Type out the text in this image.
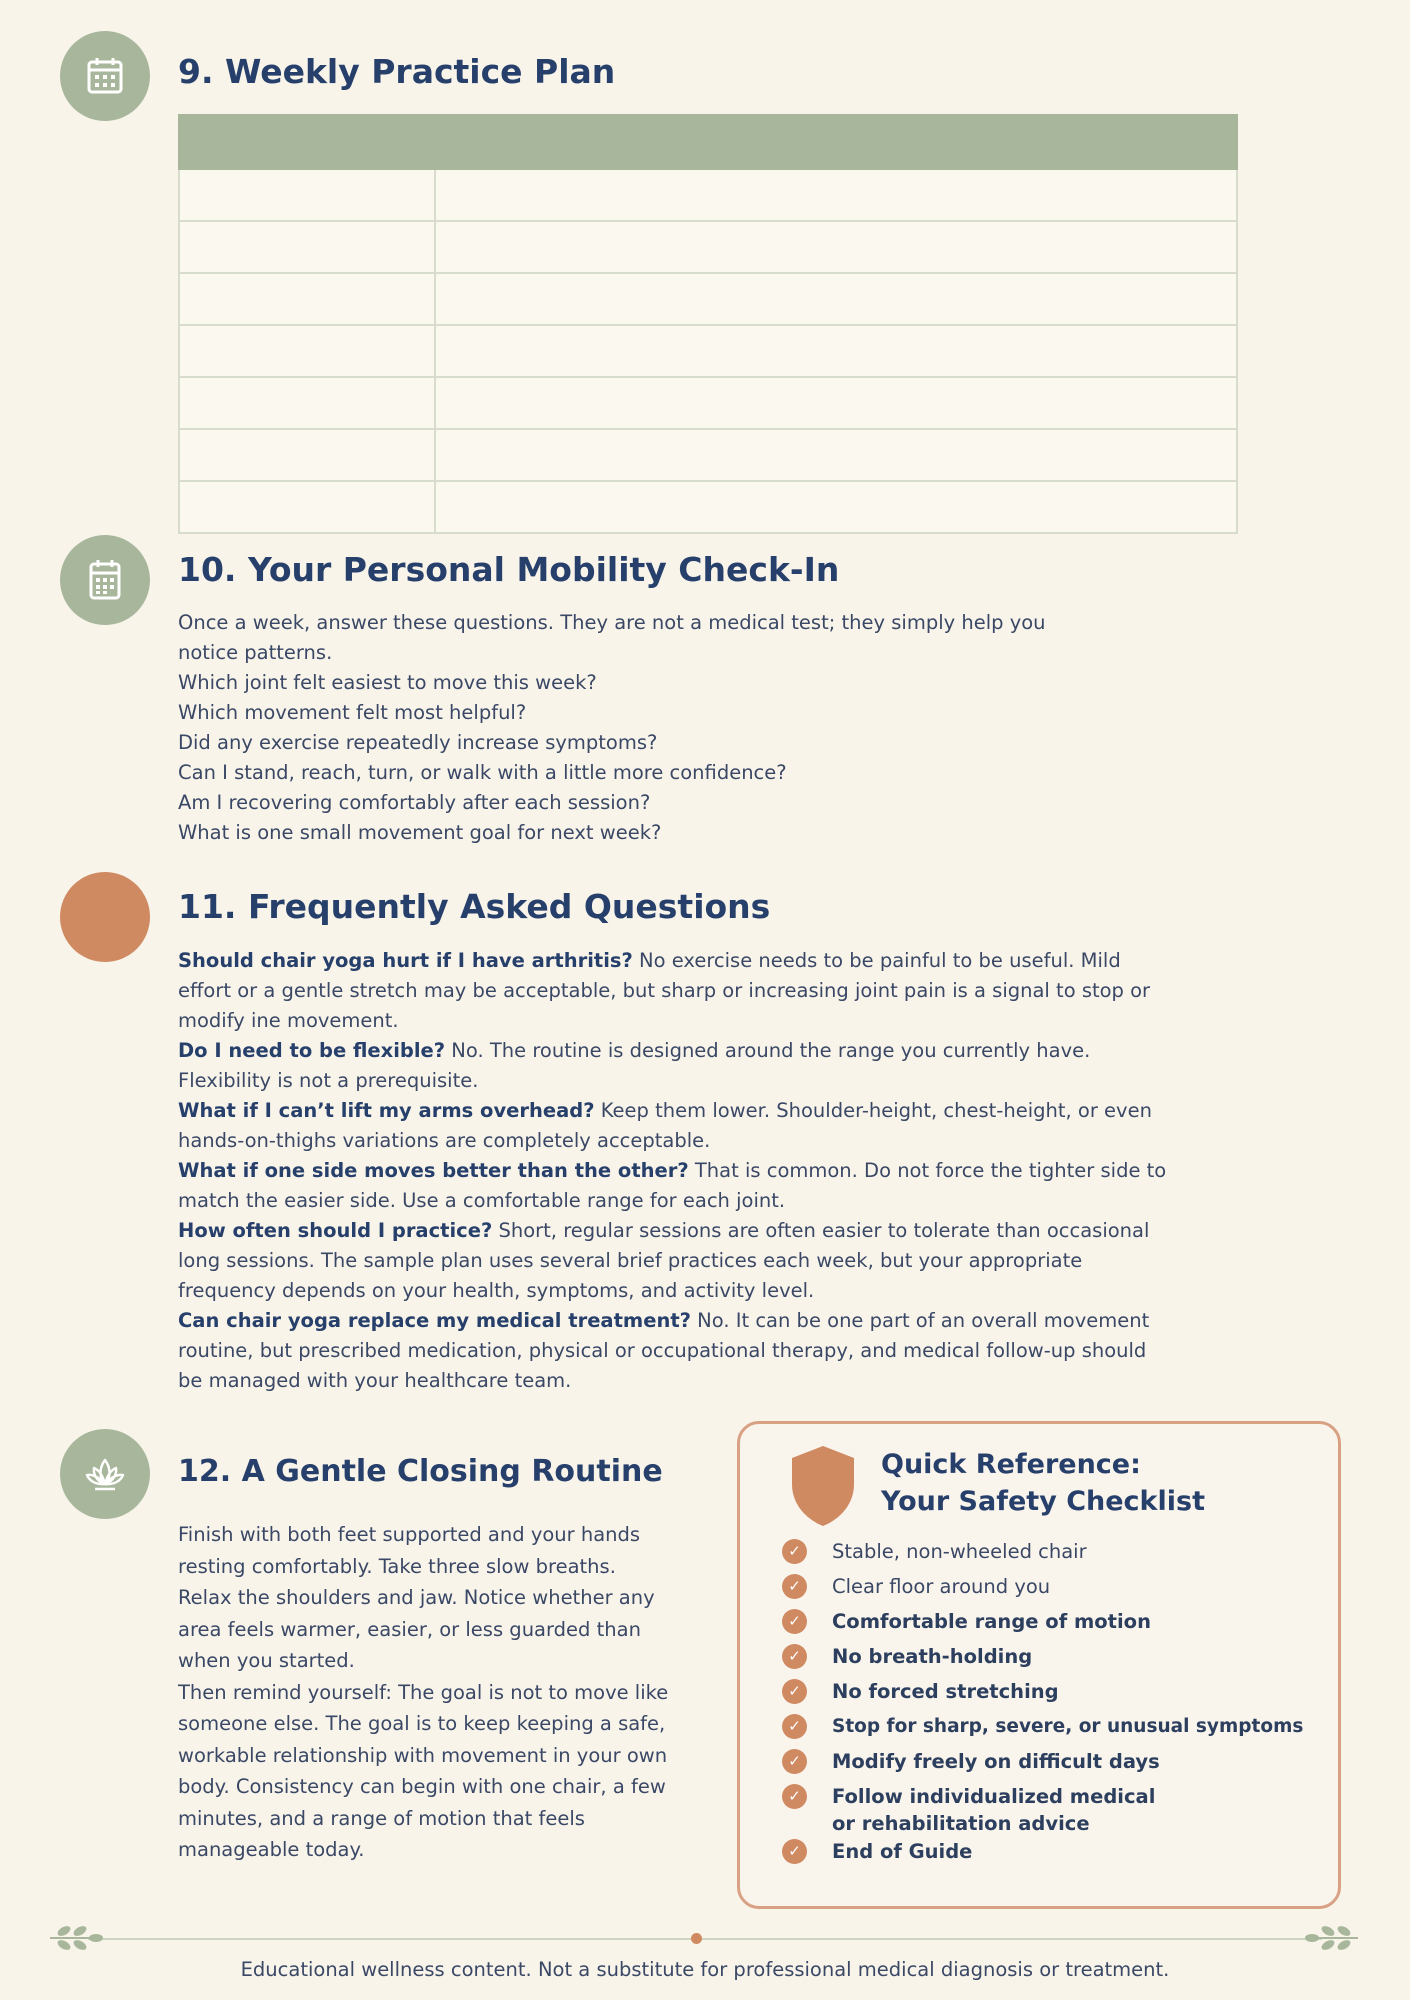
9. Weekly Practice Plan

10. Your Personal Mobility Check-In

Once a week, answer these questions. They are not a medical test; they simply help you notice patterns.

Which joint felt easiest to move this week?

Which movement felt most helpful?

Did any exercise repeatedly increase symptoms?

Can I stand, reach, turn, or walk with a little more confidence?

Am I recovering comfortably after each session?

What is one small movement goal for next week?

11. Frequently Asked Questions

Should chair yoga hurt if I have arthritis? No exercise needs to be painful to be useful. Mild effort or a gentle stretch may be acceptable, but sharp or increasing joint pain is a signal to stop or modify ine movement.

Do I need to be flexible? No. The routine is designed around the range you currently have. Flexibility is not a prerequisite.

What if I can’t lift my arms overhead? Keep them lower. Shoulder-height, chest-height, or even hands-on-thighs variations are completely acceptable.

What if one side moves better than the other? That is common. Do not force the tighter side to match the easier side. Use a comfortable range for each joint.

How often should I practice? Short, regular sessions are often easier to tolerate than occasional long sessions. The sample plan uses several brief practices each week, but your appropriate frequency depends on your health, symptoms, and activity level.

Can chair yoga replace my medical treatment? No. It can be one part of an overall movement routine, but prescribed medication, physical or occupational therapy, and medical follow-up should be managed with your healthcare team.

12. A Gentle Closing Routine

Finish with both feet supported and your hands resting comfortably. Take three slow breaths. Relax the shoulders and jaw. Notice whether any area feels warmer, easier, or less guarded than when you started.

Then remind yourself: The goal is not to move like someone else. The goal is to keep keeping a safe, workable relationship with movement in your own body. Consistency can begin with one chair, a few minutes, and a range of motion that feels manageable today.

Quick Reference:
Your Safety Checklist
✓	Stable, non-wheeled chair
✓	Clear floor around you
✓	Comfortable range of motion
✓	No breath-holding
✓	No forced stretching
✓	Stop for sharp, severe, or unusual symptoms
✓	Modify freely on difficult days
✓	Follow individualized medical or rehabilitation advice
✓	End of Guide
Educational wellness content. Not a substitute for professional medical diagnosis or treatment.
